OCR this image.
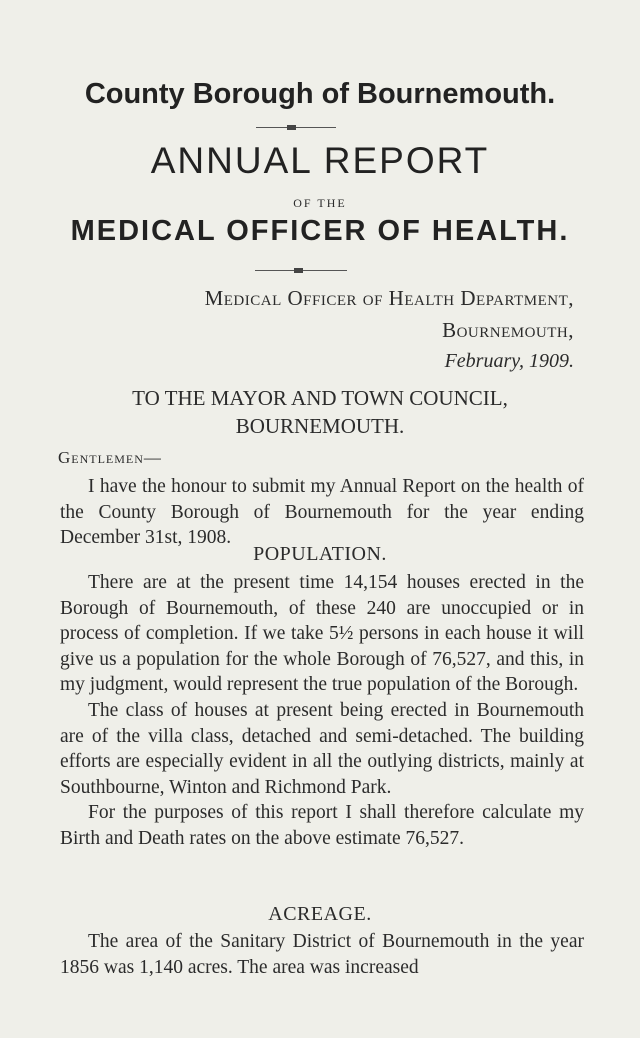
County Borough of Bournemouth.
ANNUAL REPORT
OF THE
MEDICAL OFFICER OF HEALTH.
Medical Officer of Health Department,
Bournemouth,
February, 1909.
TO THE MAYOR AND TOWN COUNCIL,
BOURNEMOUTH.
Gentlemen—

I have the honour to submit my Annual Report on the health of the County Borough of Bournemouth for the year ending December 31st, 1908.

POPULATION.

There are at the present time 14,154 houses erected in the Borough of Bournemouth, of these 240 are unoccupied or in process of completion. If we take 5½ persons in each house it will give us a population for the whole Borough of 76,527, and this, in my judgment, would represent the true population of the Borough.

The class of houses at present being erected in Bournemouth are of the villa class, detached and semi-detached. The building efforts are especially evident in all the outlying districts, mainly at Southbourne, Winton and Richmond Park.

For the purposes of this report I shall therefore calculate my Birth and Death rates on the above estimate 76,527.

ACREAGE.

The area of the Sanitary District of Bournemouth in the year 1856 was 1,140 acres. The area was increased
